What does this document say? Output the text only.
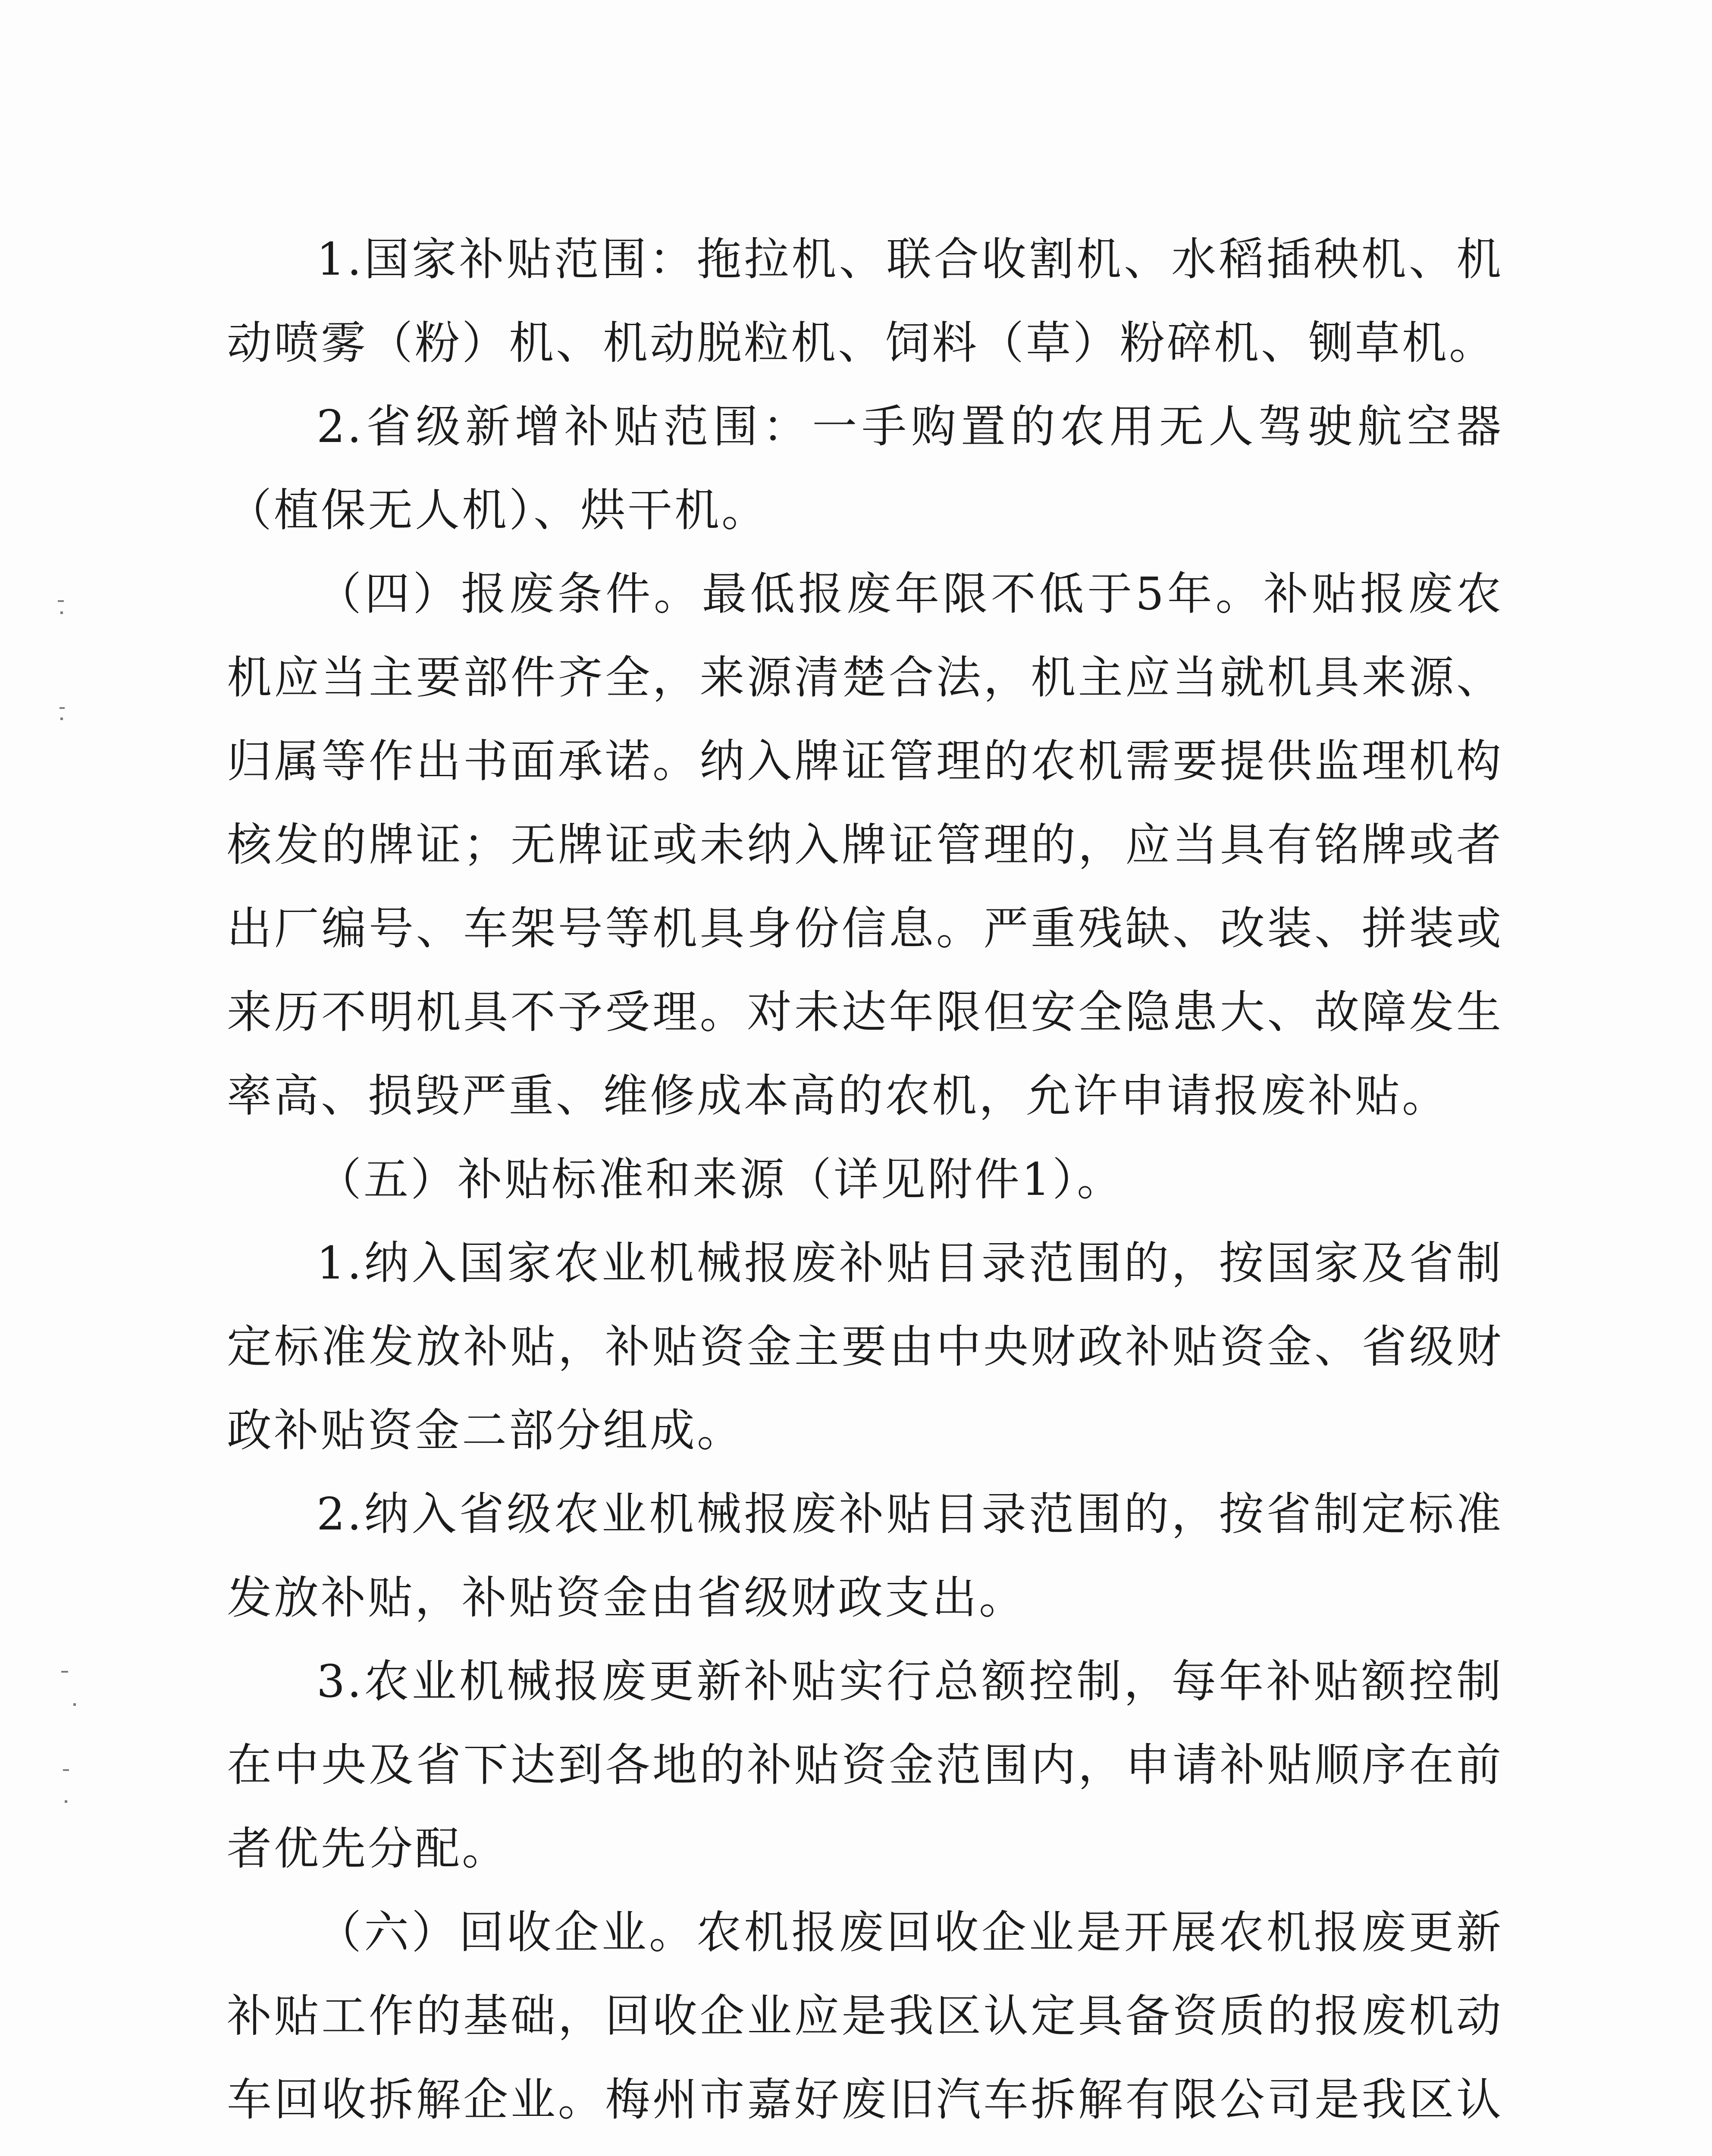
1.国家补贴范围：拖拉机、联合收割机、水稻插秧机、机动喷雾（粉）机、机动脱粒机、饲料（草）粉碎机、铡草机。

2.省级新增补贴范围：一手购置的农用无人驾驶航空器（植保无人机）、烘干机。

（四）报废条件。最低报废年限不低于5年。补贴报废农机应当主要部件齐全，来源清楚合法，机主应当就机具来源、归属等作出书面承诺。纳入牌证管理的农机需要提供监理机构核发的牌证；无牌证或未纳入牌证管理的，应当具有铭牌或者出厂编号、车架号等机具身份信息。严重残缺、改装、拼装或来历不明机具不予受理。对未达年限但安全隐患大、故障发生率高、损毁严重、维修成本高的农机，允许申请报废补贴。

（五）补贴标准和来源（详见附件1）。

1.纳入国家农业机械报废补贴目录范围的，按国家及省制定标准发放补贴，补贴资金主要由中央财政补贴资金、省级财政补贴资金二部分组成。

2.纳入省级农业机械报废补贴目录范围的，按省制定标准发放补贴，补贴资金由省级财政支出。

3.农业机械报废更新补贴实行总额控制，每年补贴额控制在中央及省下达到各地的补贴资金范围内，申请补贴顺序在前者优先分配。

（六）回收企业。农机报废回收企业是开展农机报废更新补贴工作的基础，回收企业应是我区认定具备资质的报废机动车回收拆解企业。梅州市嘉好废旧汽车拆解有限公司是我区认
